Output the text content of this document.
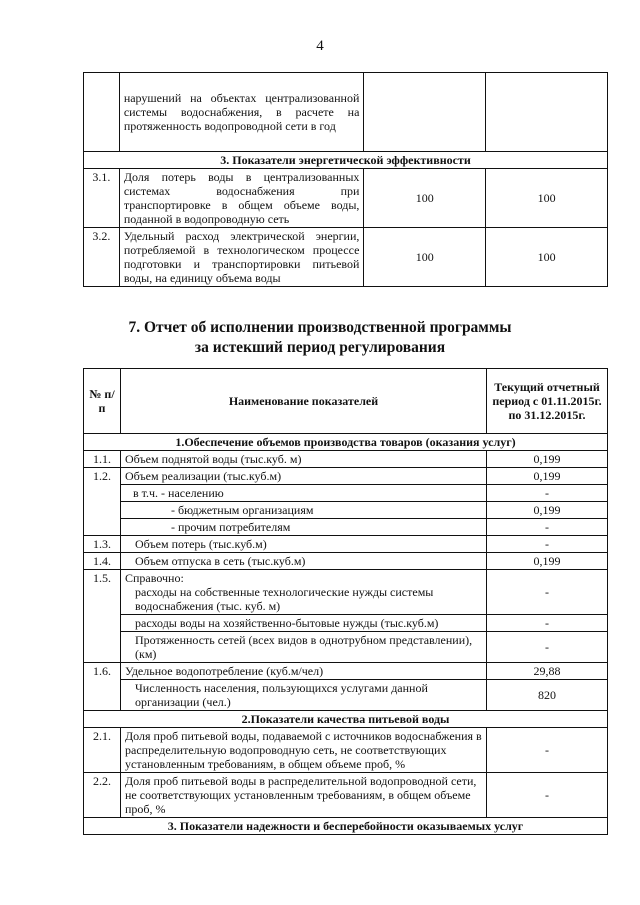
4
	нарушений на объектах централизованной системы водоснабжения, в расчете на протяженность водопроводной сети в год		
3. Показатели энергетической эффективности			
3.1.	Доля потерь воды в централизованных системах водоснабжения при транспортировке в общем объеме воды, поданной в водопроводную сеть	100	100
3.2.	Удельный расход электрической энергии, потребляемой в технологическом процессе подготовки и транспортировки питьевой воды, на единицу объема воды	100	100
7. Отчет об исполнении производственной программы
за истекший период регулирования
№ п/п	Наименование показателей	Текущий отчетный период с 01.11.2015г. по 31.12.2015г.
1.Обеспечение объемов производства товаров (оказания услуг)		
1.1.	Объем поднятой воды (тыс.куб. м)	0,199
1.2.	Объем реализации (тыс.куб.м)	0,199
	в т.ч. - населению	-
	- бюджетным организациям	0,199
	- прочим потребителям	-
1.3.	Объем потерь (тыс.куб.м)	-
1.4.	Объем отпуска в сеть (тыс.куб.м)	0,199
1.5.	Справочно:
расходы на собственные технологические нужды системы водоснабжения (тыс. куб. м)	-
	расходы воды на хозяйственно-бытовые нужды (тыс.куб.м)	-
	Протяженность сетей (всех видов в однотрубном представлении), (км)	-
1.6.	Удельное водопотребление (куб.м/чел)	29,88
	Численность населения, пользующихся услугами данной организации (чел.)	820
2.Показатели качества питьевой воды		
2.1.	Доля проб питьевой воды, подаваемой с источников водоснабжения в распределительную водопроводную сеть, не соответствующих установленным требованиям, в общем объеме проб, %	-
2.2.	Доля проб питьевой воды в распределительной водопроводной сети, не соответствующих установленным требованиям, в общем объеме проб, %	-
3. Показатели надежности и бесперебойности оказываемых услуг		
